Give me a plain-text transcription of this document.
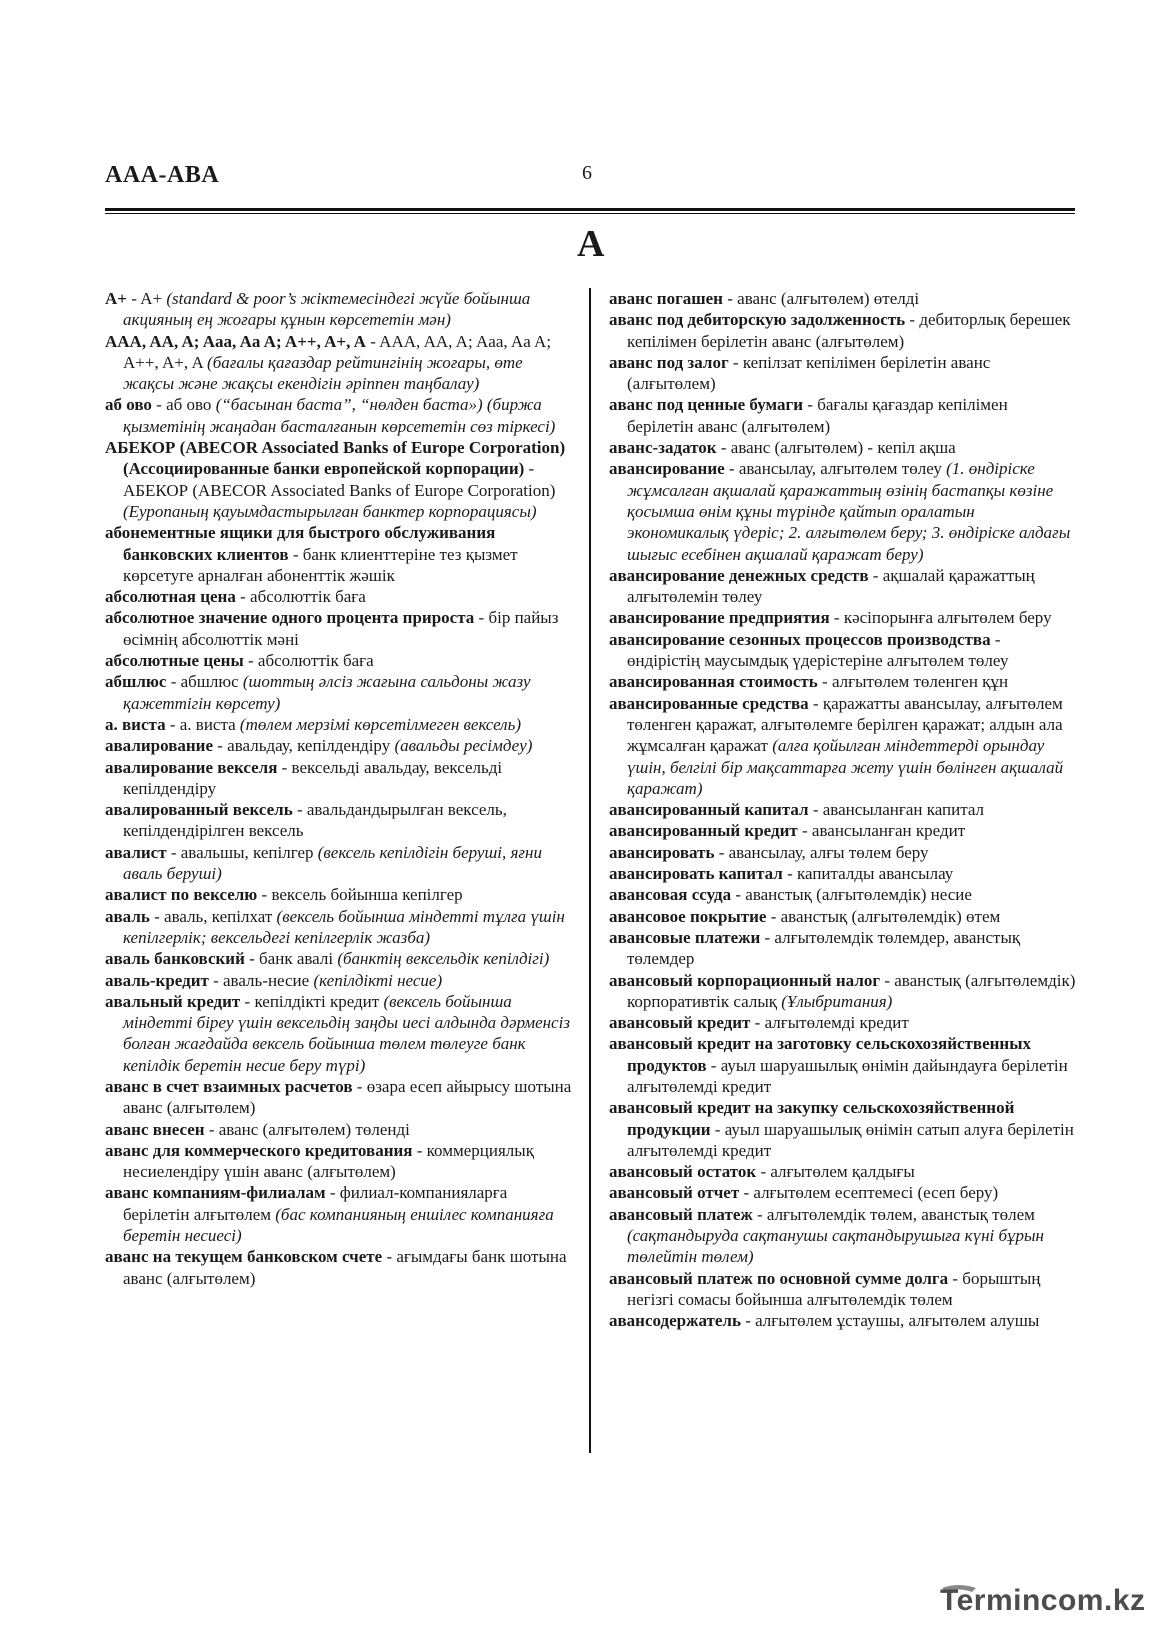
AAA-ABA	6
A

A+ - A+ (standard & poor’s жіктемесіндегі жүйе бойынша акцияның ең жоғары құнын көрсететін мән)

AAA, AA, A; Aaa, Aa A; A++, A+, A - AAA, AA, A; Aaa, Aa A; A++, A+, A (бағалы қағаздар рейтингінің жоғары, өте жақсы және жақсы екендігін әріппен таңбалау)

аб ово - аб ово (“басынан баста”, “нөлден баста») (биржа қызметінің жаңадан басталғанын көрсететін сөз тіркесі)

АБЕКОР (ABECOR Associated Banks of Europe Corporation) (Ассоциированные банки европейской корпорации) - АБЕКОР (ABECOR Associated Banks of Europe Corporation) (Еуропаның қауымдастырылған банктер корпорациясы)

абонементные ящики для быстрого обслуживания банковских клиентов - банк клиенттеріне тез қызмет көрсетуге арналған абоненттік жәшік

абсолютная цена - абсолюттік баға

абсолютное значение одного процента прироста - бір пайыз өсімнің абсолюттік мәні

абсолютные цены - абсолюттік баға

абшлюс - абшлюс (шоттың әлсіз жағына сальдоны жазу қажеттігін көрсету)

а. виста - а. виста (төлем мерзімі көрсетілмеген вексель)

авалирование - авальдау, кепілдендіру (авальды ресімдеу)

авалирование векселя - вексельді авальдау, вексельді кепілдендіру

авалированный вексель - авальдандырылған вексель, кепілдендірілген вексель

авалист - авальшы, кепілгер (вексель кепілдігін беруші, яғни аваль беруші)

авалист по векселю - вексель бойынша кепілгер

аваль - аваль, кепілхат (вексель бойынша міндетті тұлға үшін кепілгерлік; вексельдегі кепілгерлік жазба)

аваль банковский - банк авалі (банктің вексельдік кепілдігі)

аваль-кредит - аваль-несие (кепілдікті несие)

авальный кредит - кепілдікті кредит (вексель бойынша міндетті біреу үшін вексельдің заңды иесі алдында дәрменсіз болған жағдайда вексель бойынша төлем төлеуге банк кепілдік беретін несие беру түрі)

аванс в счет взаимных расчетов - өзара есеп айырысу шотына аванс (алғытөлем)

аванс внесен - аванс (алғытөлем) төленді

аванс для коммерческого кредитования - коммерциялық несиелендіру үшін аванс (алғытөлем)

аванс компаниям-филиалам - филиал-компанияларға берілетін алғытөлем (бас компанияның еншілес компанияға беретін несиесі)

аванс на текущем банковском счете - ағымдағы банк шотына аванс (алғытөлем)

аванс погашен - аванс (алғытөлем) өтелді

аванс под дебиторскую задолженность - дебиторлық берешек кепілімен берілетін аванс (алғытөлем)

аванс под залог - кепілзат кепілімен берілетін аванс (алғытөлем)

аванс под ценные бумаги - бағалы қағаздар кепілімен берілетін аванс (алғытөлем)

аванс-задаток - аванс (алғытөлем) - кепіл ақша

авансирование - авансылау, алғытөлем төлеу (1. өндіріске жұмсалған ақшалай қаражаттың өзінің бастапқы көзіне қосымша өнім құны түрінде қайтып оралатын экономикалық үдеріс; 2. алғытөлем беру; 3. өндіріске алдағы шығыс есебінен ақшалай қаражат беру)

авансирование денежных средств - ақшалай қаражаттың алғытөлемін төлеу

авансирование предприятия - кәсіпорынға алғытөлем беру

авансирование сезонных процессов производства - өндірістің маусымдық үдерістеріне алғытөлем төлеу

авансированная стоимость - алғытөлем төленген құн

авансированные средства - қаражатты авансылау, алғытөлем төленген қаражат, алғытөлемге берілген қаражат; алдын ала жұмсалған қаражат (алға қойылған міндеттерді орындау үшін, белгілі бір мақсаттарға жету үшін бөлінген ақшалай қаражат)

авансированный капитал - авансыланған капитал

авансированный кредит - авансыланған кредит

авансировать - авансылау, алғы төлем беру

авансировать капитал - капиталды авансылау

авансовая ссуда - аванстық (алғытөлемдік) несие

авансовое покрытие - аванстық (алғытөлемдік) өтем

авансовые платежи - алғытөлемдік төлемдер, аванстық төлемдер

авансовый корпорационный налог - аванстық (алғытөлемдік) корпоративтік салық (Ұлыбритания)

авансовый кредит - алғытөлемді кредит

авансовый кредит на заготовку сельскохозяйственных продуктов - ауыл шаруашылық өнімін дайындауға берілетін алғытөлемді кредит

авансовый кредит на закупку сельскохозяйственной продукции - ауыл шаруашылық өнімін сатып алуға берілетін алғытөлемді кредит

авансовый остаток - алғытөлем қалдығы

авансовый отчет - алғытөлем есептемесі (есеп беру)

авансовый платеж - алғытөлемдік төлем, аванстық төлем (сақтандыруда сақтанушы сақтандырушыға күні бұрын төлейтін төлем)

авансовый платеж по основной сумме долга - борыштың негізгі сомасы бойынша алғытөлемдік төлем

авансодержатель - алғытөлем ұстаушы, алғытөлем алушы

Termincom.kz
